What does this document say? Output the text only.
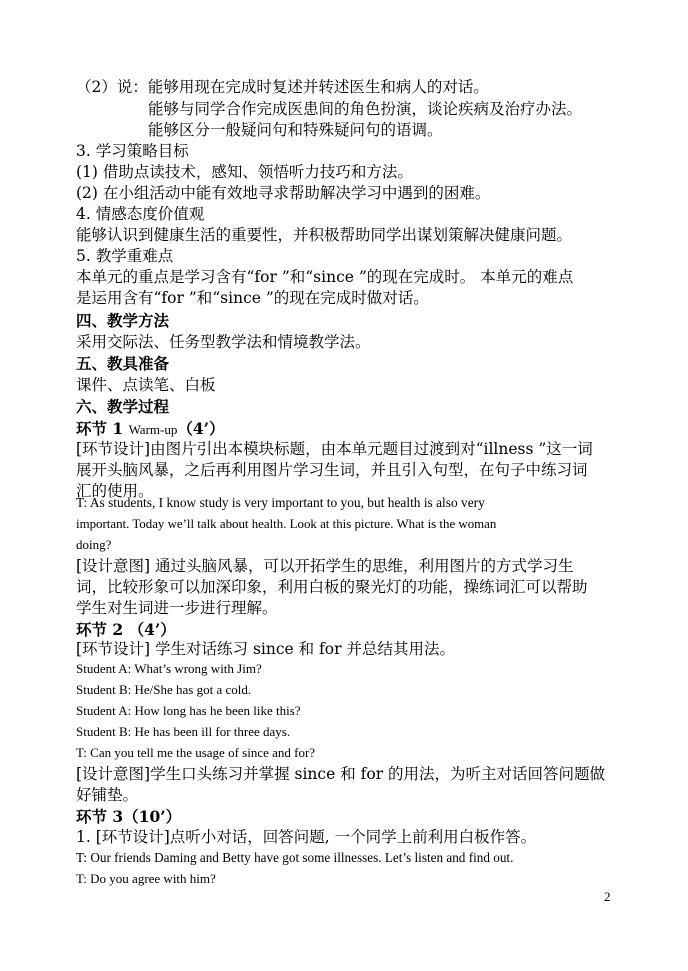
（2）说：能够用现在完成时复述并转述医生和病人的对话。
能够与同学合作完成医患间的角色扮演，谈论疾病及治疗办法。
能够区分一般疑问句和特殊疑问句的语调。
3. 学习策略目标
(1) 借助点读技术，感知、领悟听力技巧和方法。
(2) 在小组活动中能有效地寻求帮助解决学习中遇到的困难。
4. 情感态度价值观
能够认识到健康生活的重要性，并积极帮助同学出谋划策解决健康问题。
5. 教学重难点
本单元的重点是学习含有“for ”和“since ”的现在完成时。 本单元的难点
是运用含有“for ”和“since ”的现在完成时做对话。
四、教学方法
采用交际法、任务型教学法和情境教学法。
五、教具准备
课件、点读笔、白板
六、教学过程
环节 1 Warm-up（4’）
[环节设计]由图片引出本模块标题，由本单元题目过渡到对“illness ”这一词
展开头脑风暴，之后再利用图片学习生词，并且引入句型，在句子中练习词
汇的使用。
T: As students, I know study is very important to you, but health is also very
important. Today we’ll talk about health. Look at this picture. What is the woman
doing?
[设计意图] 通过头脑风暴，可以开拓学生的思维，利用图片的方式学习生
词，比较形象可以加深印象，利用白板的聚光灯的功能，操练词汇可以帮助
学生对生词进一步进行理解。
环节 2 （4’）
[环节设计] 学生对话练习 since 和 for 并总结其用法。
Student A: What’s wrong with Jim?
Student B: He/She has got a cold.
Student A: How long has he been like this?
Student B: He has been ill for three days.
T: Can you tell me the usage of since and for?
[设计意图]学生口头练习并掌握 since 和 for 的用法，为听主对话回答问题做
好铺垫。
环节 3（10’）
1. [环节设计]点听小对话，回答问题, 一个同学上前利用白板作答。
T: Our friends Daming and Betty have got some illnesses. Let’s listen and find out.
T: Do you agree with him?
2
